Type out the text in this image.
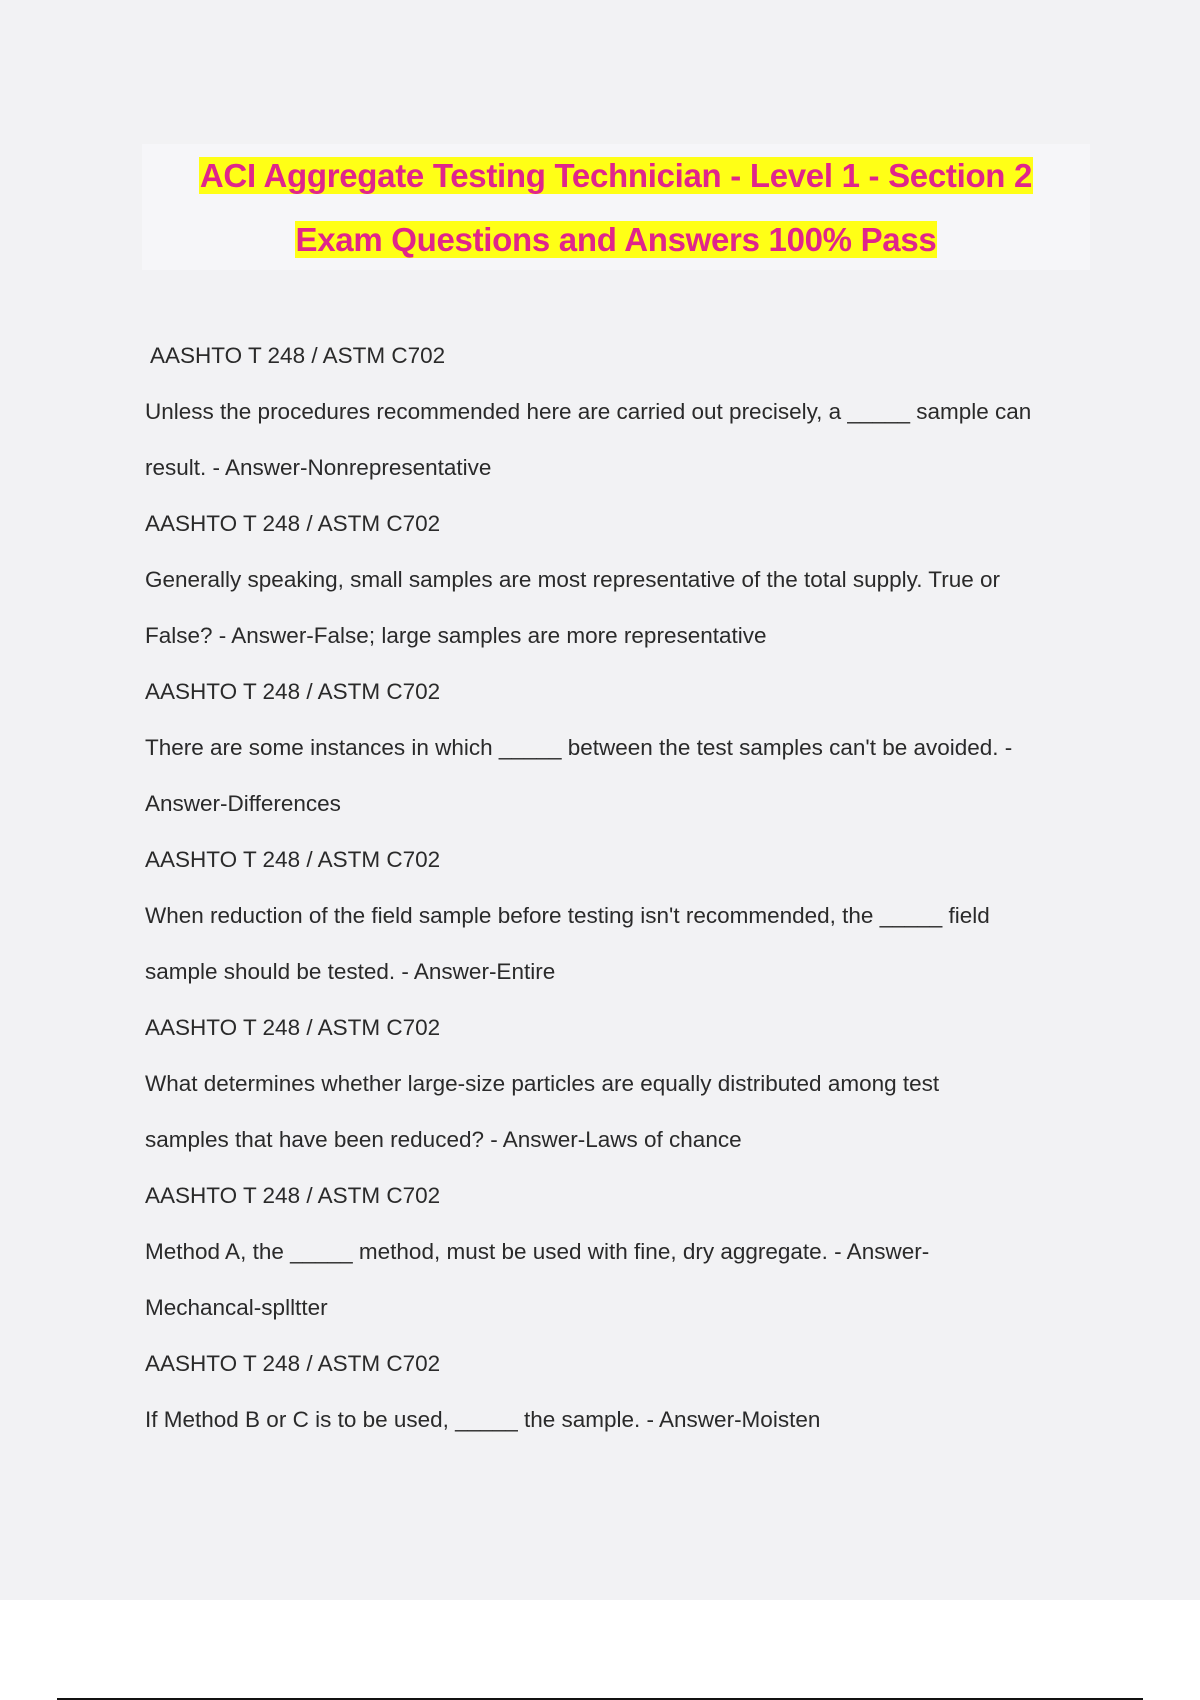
ACI Aggregate Testing Technician - Level 1 - Section 2
Exam Questions and Answers 100% Pass
AASHTO T 248 / ASTM C702
Unless the procedures recommended here are carried out precisely, a _____ sample can
result. - Answer-Nonrepresentative
AASHTO T 248 / ASTM C702
Generally speaking, small samples are most representative of the total supply. True or
False? - Answer-False; large samples are more representative
AASHTO T 248 / ASTM C702
There are some instances in which _____ between the test samples can't be avoided. -
Answer-Differences
AASHTO T 248 / ASTM C702
When reduction of the field sample before testing isn't recommended, the _____ field
sample should be tested. - Answer-Entire
AASHTO T 248 / ASTM C702
What determines whether large-size particles are equally distributed among test
samples that have been reduced? - Answer-Laws of chance
AASHTO T 248 / ASTM C702
Method A, the _____ method, must be used with fine, dry aggregate. - Answer-
Mechancal-splltter
AASHTO T 248 / ASTM C702
If Method B or C is to be used, _____ the sample. - Answer-Moisten
